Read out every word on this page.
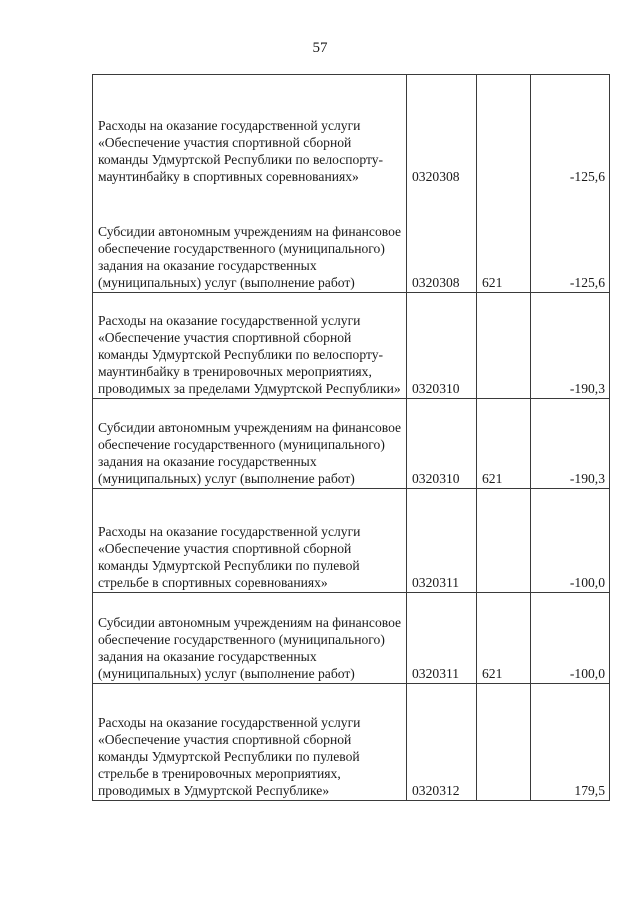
57
Расходы на оказание государственной услуги «Обеспечение участия спортивной сборной команды Удмуртской Республики по велоспорту-маунтинбайку в спортивных соревнованиях»	0320308		-125,6

Субсидии автономным учреждениям на финансовое обеспечение государственного (муниципального) задания на оказание государственных (муниципальных) услуг (выполнение работ)	0320308	621	-125,6

Расходы на оказание государственной услуги «Обеспечение участия спортивной сборной команды Удмуртской Республики по велоспорту-маунтинбайку в тренировочных мероприятиях, проводимых за пределами Удмуртской Республики»	0320310		-190,3

Субсидии автономным учреждениям на финансовое обеспечение государственного (муниципального) задания на оказание государственных (муниципальных) услуг (выполнение работ)	0320310	621	-190,3

Расходы на оказание государственной услуги «Обеспечение участия спортивной сборной команды Удмуртской Республики по пулевой стрельбе в спортивных соревнованиях»	0320311		-100,0

Субсидии автономным учреждениям на финансовое обеспечение государственного (муниципального) задания на оказание государственных (муниципальных) услуг (выполнение работ)	0320311	621	-100,0

Расходы на оказание государственной услуги «Обеспечение участия спортивной сборной команды Удмуртской Республики по пулевой стрельбе в тренировочных мероприятиях, проводимых в Удмуртской Республике»	0320312		179,5
